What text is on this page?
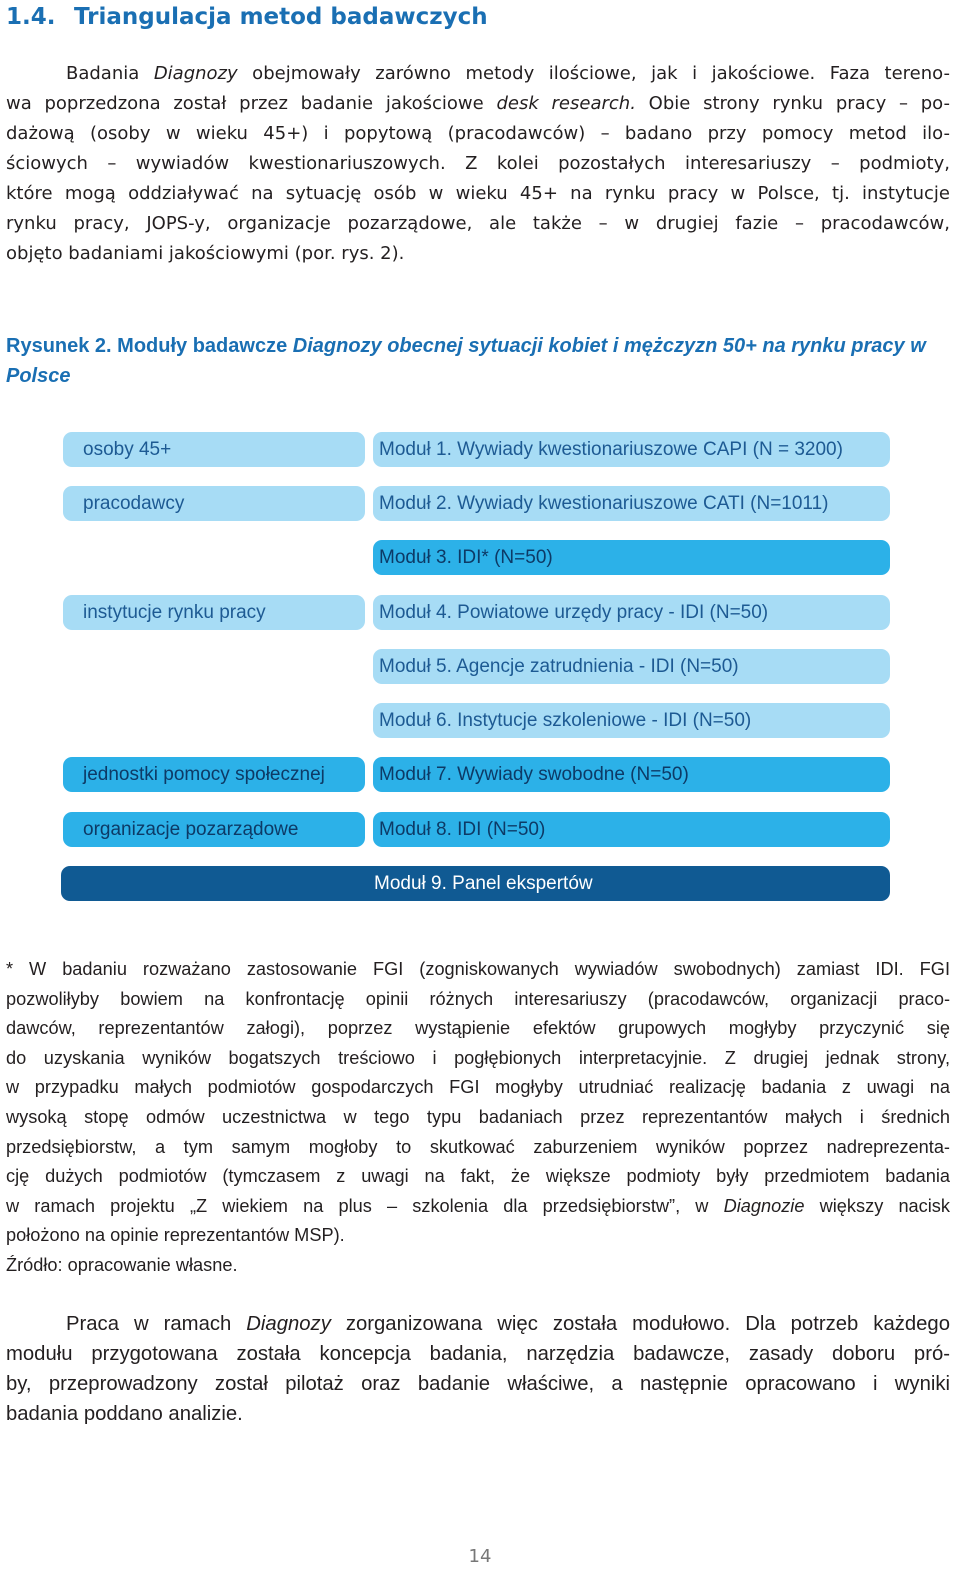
1.4. Triangulacja metod badawczych
Badania Diagnozy obejmowały zarówno metody ilościowe, jak i jakościowe. Faza tereno-
wa poprzedzona został przez badanie jakościowe desk research. Obie strony rynku pracy – po-
dażową (osoby w wieku 45+) i popytową (pracodawców) – badano przy pomocy metod ilo-
ściowych – wywiadów kwestionariuszowych. Z kolei pozostałych interesariuszy – podmioty,
które mogą oddziaływać na sytuację osób w wieku 45+ na rynku pracy w Polsce, tj. instytucje
rynku pracy, JOPS-y, organizacje pozarządowe, ale także – w drugiej fazie – pracodawców,
objęto badaniami jakościowymi (por. rys. 2).

Rysunek 2. Moduły badawcze Diagnozy obecnej sytuacji kobiet i mężczyzn 50+ na rynku pracy w Polsce

osoby 45+
pracodawcy
instytucje rynku pracy
jednostki pomocy społecznej
organizacje pozarządowe
Moduł 1. Wywiady kwestionariuszowe CAPI (N = 3200)
Moduł 2. Wywiady kwestionariuszowe CATI (N=1011)
Moduł 3. IDI* (N=50)
Moduł 4. Powiatowe urzędy pracy - IDI (N=50)
Moduł 5. Agencje zatrudnienia - IDI (N=50)
Moduł 6. Instytucje szkoleniowe - IDI (N=50)
Moduł 7. Wywiady swobodne (N=50)
Moduł 8. IDI (N=50)
Moduł 9. Panel ekspertów
* W badaniu rozważano zastosowanie FGI (zogniskowanych wywiadów swobodnych) zamiast IDI. FGI
pozwoliłyby bowiem na konfrontację opinii różnych interesariuszy (pracodawców, organizacji praco-
dawców, reprezentantów załogi), poprzez wystąpienie efektów grupowych mogłyby przyczynić się
do uzyskania wyników bogatszych treściowo i pogłębionych interpretacyjnie. Z drugiej jednak strony,
w przypadku małych podmiotów gospodarczych FGI mogłyby utrudniać realizację badania z uwagi na
wysoką stopę odmów uczestnictwa w tego typu badaniach przez reprezentantów małych i średnich
przedsiębiorstw, a tym samym mogłoby to skutkować zaburzeniem wyników poprzez nadreprezenta-
cję dużych podmiotów (tymczasem z uwagi na fakt, że większe podmioty były przedmiotem badania
w ramach projektu „Z wiekiem na plus – szkolenia dla przedsiębiorstw”, w Diagnozie większy nacisk
położono na opinie reprezentantów MSP).
Źródło: opracowanie własne.
Praca w ramach Diagnozy zorganizowana więc została modułowo. Dla potrzeb każdego
modułu przygotowana została koncepcja badania, narzędzia badawcze, zasady doboru pró-
by, przeprowadzony został pilotaż oraz badanie właściwe, a następnie opracowano i wyniki
badania poddano analizie.
14
